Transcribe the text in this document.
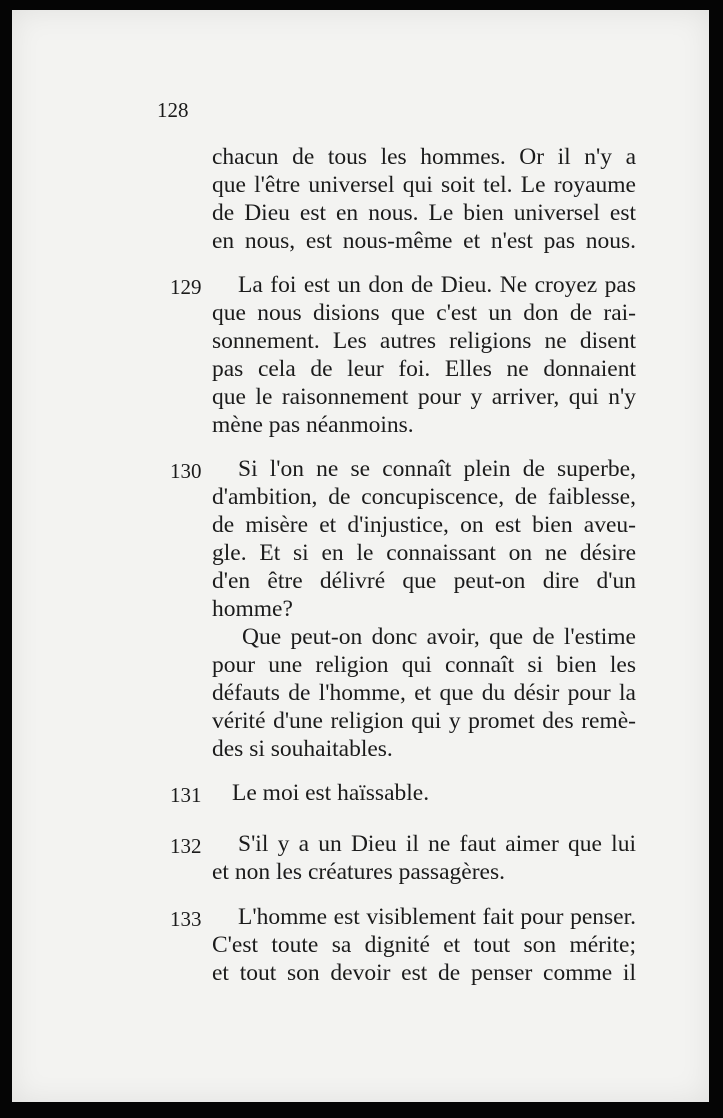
128

chacun de tous les hommes. Or il n'y a
que l'être universel qui soit tel. Le royaume
de Dieu est en nous. Le bien universel est
en nous, est nous-même et n'est pas nous.
129 La foi est un don de Dieu. Ne croyez pas
que nous disions que c'est un don de rai-
sonnement. Les autres religions ne disent
pas cela de leur foi. Elles ne donnaient
que le raisonnement pour y arriver, qui n'y
mène pas néanmoins.
130 Si l'on ne se connaît plein de superbe,
d'ambition, de concupiscence, de faiblesse,
de misère et d'injustice, on est bien aveu-
gle. Et si en le connaissant on ne désire
d'en être délivré que peut-on dire d'un
homme?
Que peut-on donc avoir, que de l'estime
pour une religion qui connaît si bien les
défauts de l'homme, et que du désir pour la
vérité d'une religion qui y promet des remè-
des si souhaitables.
131 Le moi est haïssable.
132 S'il y a un Dieu il ne faut aimer que lui
et non les créatures passagères.
133 L'homme est visiblement fait pour penser.
C'est toute sa dignité et tout son mérite;
et tout son devoir est de penser comme il
